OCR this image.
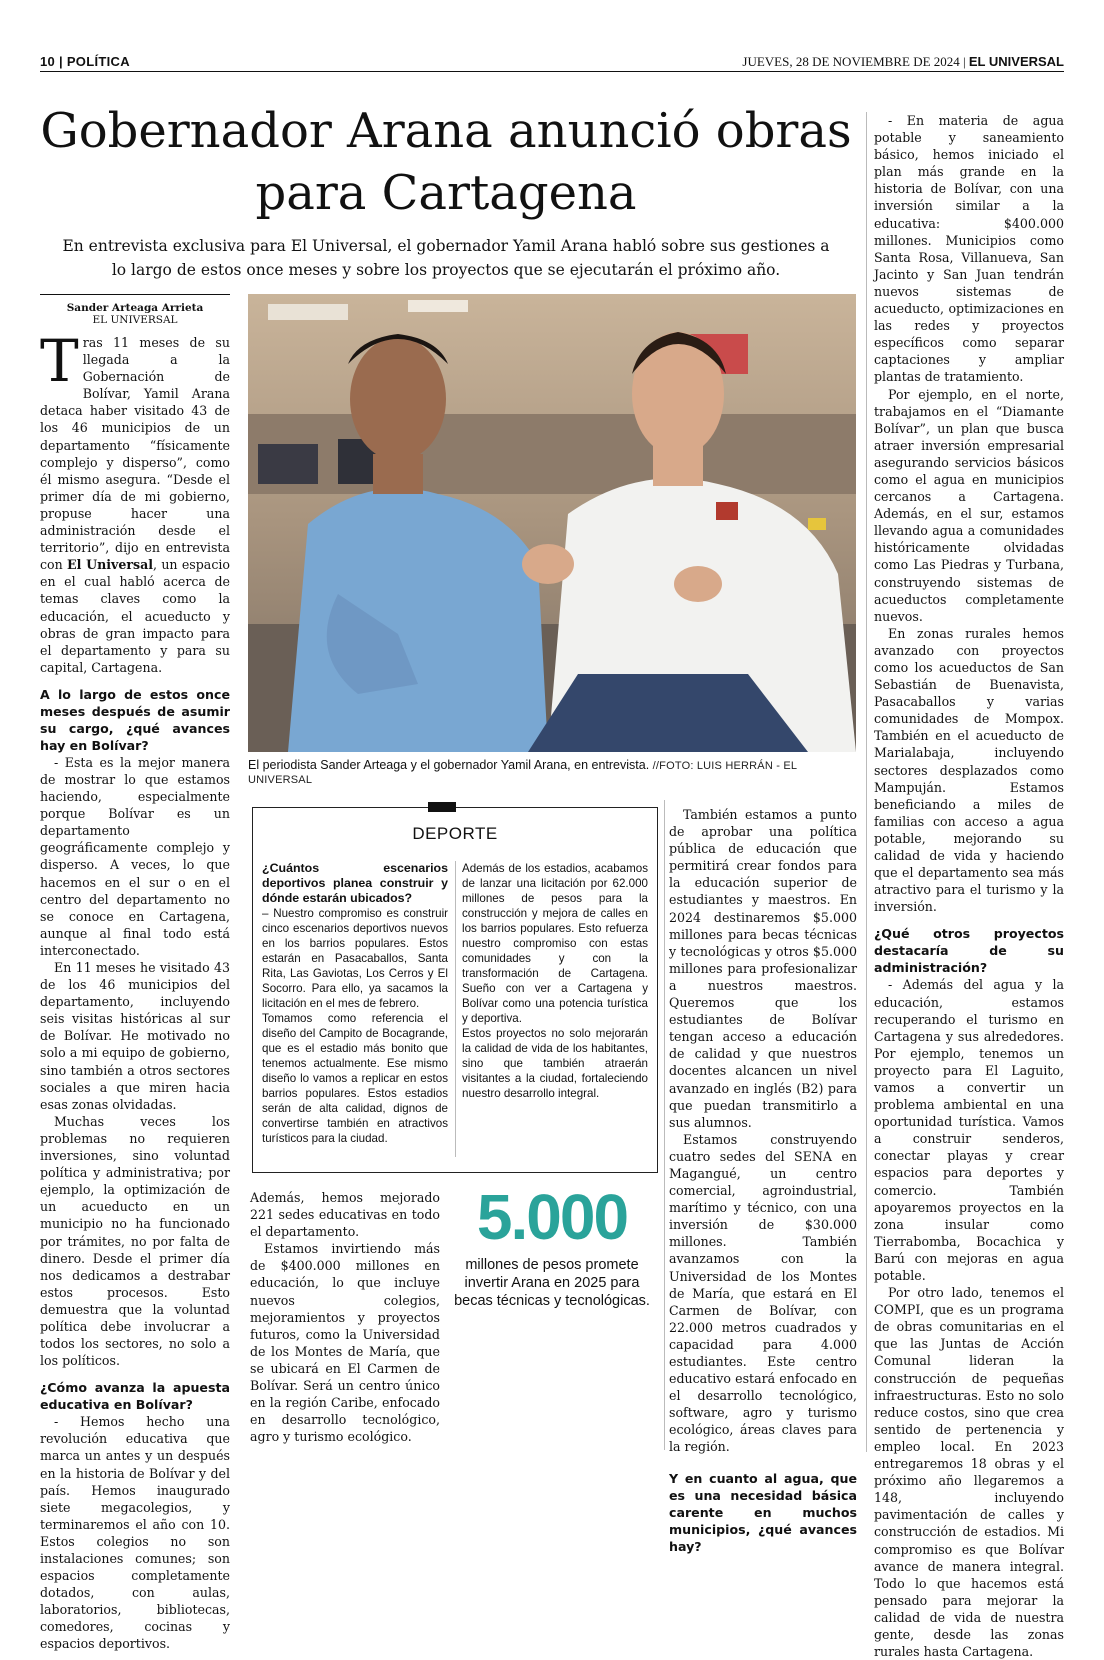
10 | POLÍTICA	JUEVES, 28 DE NOVIEMBRE DE 2024 | EL UNIVERSAL
Gobernador Arana anunció obras para Cartagena
En entrevista exclusiva para El Universal, el gobernador Yamil Arana habló sobre sus gestiones a lo largo de estos once meses y sobre los proyectos que se ejecutarán el próximo año.
Sander Arteaga Arrieta
EL UNIVERSAL

Tras 11 meses de su llegada a la Gobernación de Bolívar, Yamil Arana detaca haber visitado 43 de los 46 municipios de un departamento “físicamente complejo y disperso”, como él mismo asegura. “Desde el primer día de mi gobierno, propuse hacer una administración desde el territorio”, dijo en entrevista con El Universal, un espacio en el cual habló acerca de temas claves como la educación, el acueducto y obras de gran impacto para el departamento y para su capital, Cartagena.

A lo largo de estos once meses después de asumir su cargo, ¿qué avances hay en Bolívar?

- Esta es la mejor manera de mostrar lo que estamos haciendo, especialmente porque Bolívar es un departamento geográficamente complejo y disperso. A veces, lo que hacemos en el sur o en el centro del departamento no se conoce en Cartagena, aunque al final todo está interconectado.

En 11 meses he visitado 43 de los 46 municipios del departamento, incluyendo seis visitas históricas al sur de Bolívar. He motivado no solo a mi equipo de gobierno, sino también a otros sectores sociales a que miren hacia esas zonas olvidadas.

Muchas veces los problemas no requieren inversiones, sino voluntad política y administrativa; por ejemplo, la optimización de un acueducto en un municipio no ha funcionado por trámites, no por falta de dinero. Desde el primer día nos dedicamos a destrabar estos procesos. Esto demuestra que la voluntad política debe involucrar a todos los sectores, no solo a los políticos.

¿Cómo avanza la apuesta educativa en Bolívar?

- Hemos hecho una revolución educativa que marca un antes y un después en la historia de Bolívar y del país. Hemos inaugurado siete megacolegios, y terminaremos el año con 10. Estos colegios no son instalaciones comunes; son espacios completamente dotados, con aulas, laboratorios, bibliotecas, comedores, cocinas y espacios deportivos.

El periodista Sander Arteaga y el gobernador Yamil Arana, en entrevista. //FOTO: LUIS HERRÁN - EL UNIVERSAL
DEPORTE

¿Cuántos escenarios deportivos planea construir y dónde estarán ubicados?

– Nuestro compromiso es construir cinco escenarios deportivos nuevos en los barrios populares. Estos estarán en Pasacaballos, Santa Rita, Las Gaviotas, Los Cerros y El Socorro. Para ello, ya sacamos la licitación en el mes de febrero.

Tomamos como referencia el diseño del Campito de Bocagrande, que es el estadio más bonito que tenemos actualmente. Ese mismo diseño lo vamos a replicar en estos barrios populares. Estos estadios serán de alta calidad, dignos de convertirse también en atractivos turísticos para la ciudad.

Además de los estadios, acabamos de lanzar una licitación por 62.000 millones de pesos para la construcción y mejora de calles en los barrios populares. Esto refuerza nuestro compromiso con estas comunidades y con la transformación de Cartagena. Sueño con ver a Cartagena y Bolívar como una potencia turística y deportiva.

Estos proyectos no solo mejorarán la calidad de vida de los habitantes, sino que también atraerán visitantes a la ciudad, fortaleciendo nuestro desarrollo integral.

Además, hemos mejorado 221 sedes educativas en todo el departamento.

Estamos invirtiendo más de $400.000 millones en educación, lo que incluye nuevos colegios, mejoramientos y proyectos futuros, como la Universidad de los Montes de María, que se ubicará en El Carmen de Bolívar. Será un centro único en la región Caribe, enfocado en desarrollo tecnológico, agro y turismo ecológico.

5.000
millones de pesos promete invertir Arana en 2025 para becas técnicas y tecnológicas.

También estamos a punto de aprobar una política pública de educación que permitirá crear fondos para la educación superior de estudiantes y maestros. En 2024 destinaremos $5.000 millones para becas técnicas y tecnológicas y otros $5.000 millones para profesionalizar a nuestros maestros. Queremos que los estudiantes de Bolívar tengan acceso a educación de calidad y que nuestros docentes alcancen un nivel avanzado en inglés (B2) para que puedan transmitirlo a sus alumnos.

Estamos construyendo cuatro sedes del SENA en Magangué, un centro comercial, agroindustrial, marítimo y técnico, con una inversión de $30.000 millones. También avanzamos con la Universidad de los Montes de María, que estará en El Carmen de Bolívar, con 22.000 metros cuadrados y capacidad para 4.000 estudiantes. Este centro educativo estará enfocado en el desarrollo tecnológico, software, agro y turismo ecológico, áreas claves para la región.

Y en cuanto al agua, que es una necesidad básica carente en muchos municipios, ¿qué avances hay?

- En materia de agua potable y saneamiento básico, hemos iniciado el plan más grande en la historia de Bolívar, con una inversión similar a la educativa: $400.000 millones. Municipios como Santa Rosa, Villanueva, San Jacinto y San Juan tendrán nuevos sistemas de acueducto, optimizaciones en las redes y proyectos específicos como separar captaciones y ampliar plantas de tratamiento.

Por ejemplo, en el norte, trabajamos en el “Diamante Bolívar”, un plan que busca atraer inversión empresarial asegurando servicios básicos como el agua en municipios cercanos a Cartagena. Además, en el sur, estamos llevando agua a comunidades históricamente olvidadas como Las Piedras y Turbana, construyendo sistemas de acueductos completamente nuevos.

En zonas rurales hemos avanzado con proyectos como los acueductos de San Sebastián de Buenavista, Pasacaballos y varias comunidades de Mompox. También en el acueducto de Marialabaja, incluyendo sectores desplazados como Mampuján. Estamos beneficiando a miles de familias con acceso a agua potable, mejorando su calidad de vida y haciendo que el departamento sea más atractivo para el turismo y la inversión.

¿Qué otros proyectos destacaría de su administración?

- Además del agua y la educación, estamos recuperando el turismo en Cartagena y sus alrededores. Por ejemplo, tenemos un proyecto para El Laguito, vamos a convertir un problema ambiental en una oportunidad turística. Vamos a construir senderos, conectar playas y crear espacios para deportes y comercio. También apoyaremos proyectos en la zona insular como Tierrabomba, Bocachica y Barú con mejoras en agua potable.

Por otro lado, tenemos el COMPI, que es un programa de obras comunitarias en el que las Juntas de Acción Comunal lideran la construcción de pequeñas infraestructuras. Esto no solo reduce costos, sino que crea sentido de pertenencia y empleo local. En 2023 entregaremos 18 obras y el próximo año llegaremos a 148, incluyendo pavimentación de calles y construcción de estadios. Mi compromiso es que Bolívar avance de manera integral. Todo lo que hacemos está pensado para mejorar la calidad de vida de nuestra gente, desde las zonas rurales hasta Cartagena.
